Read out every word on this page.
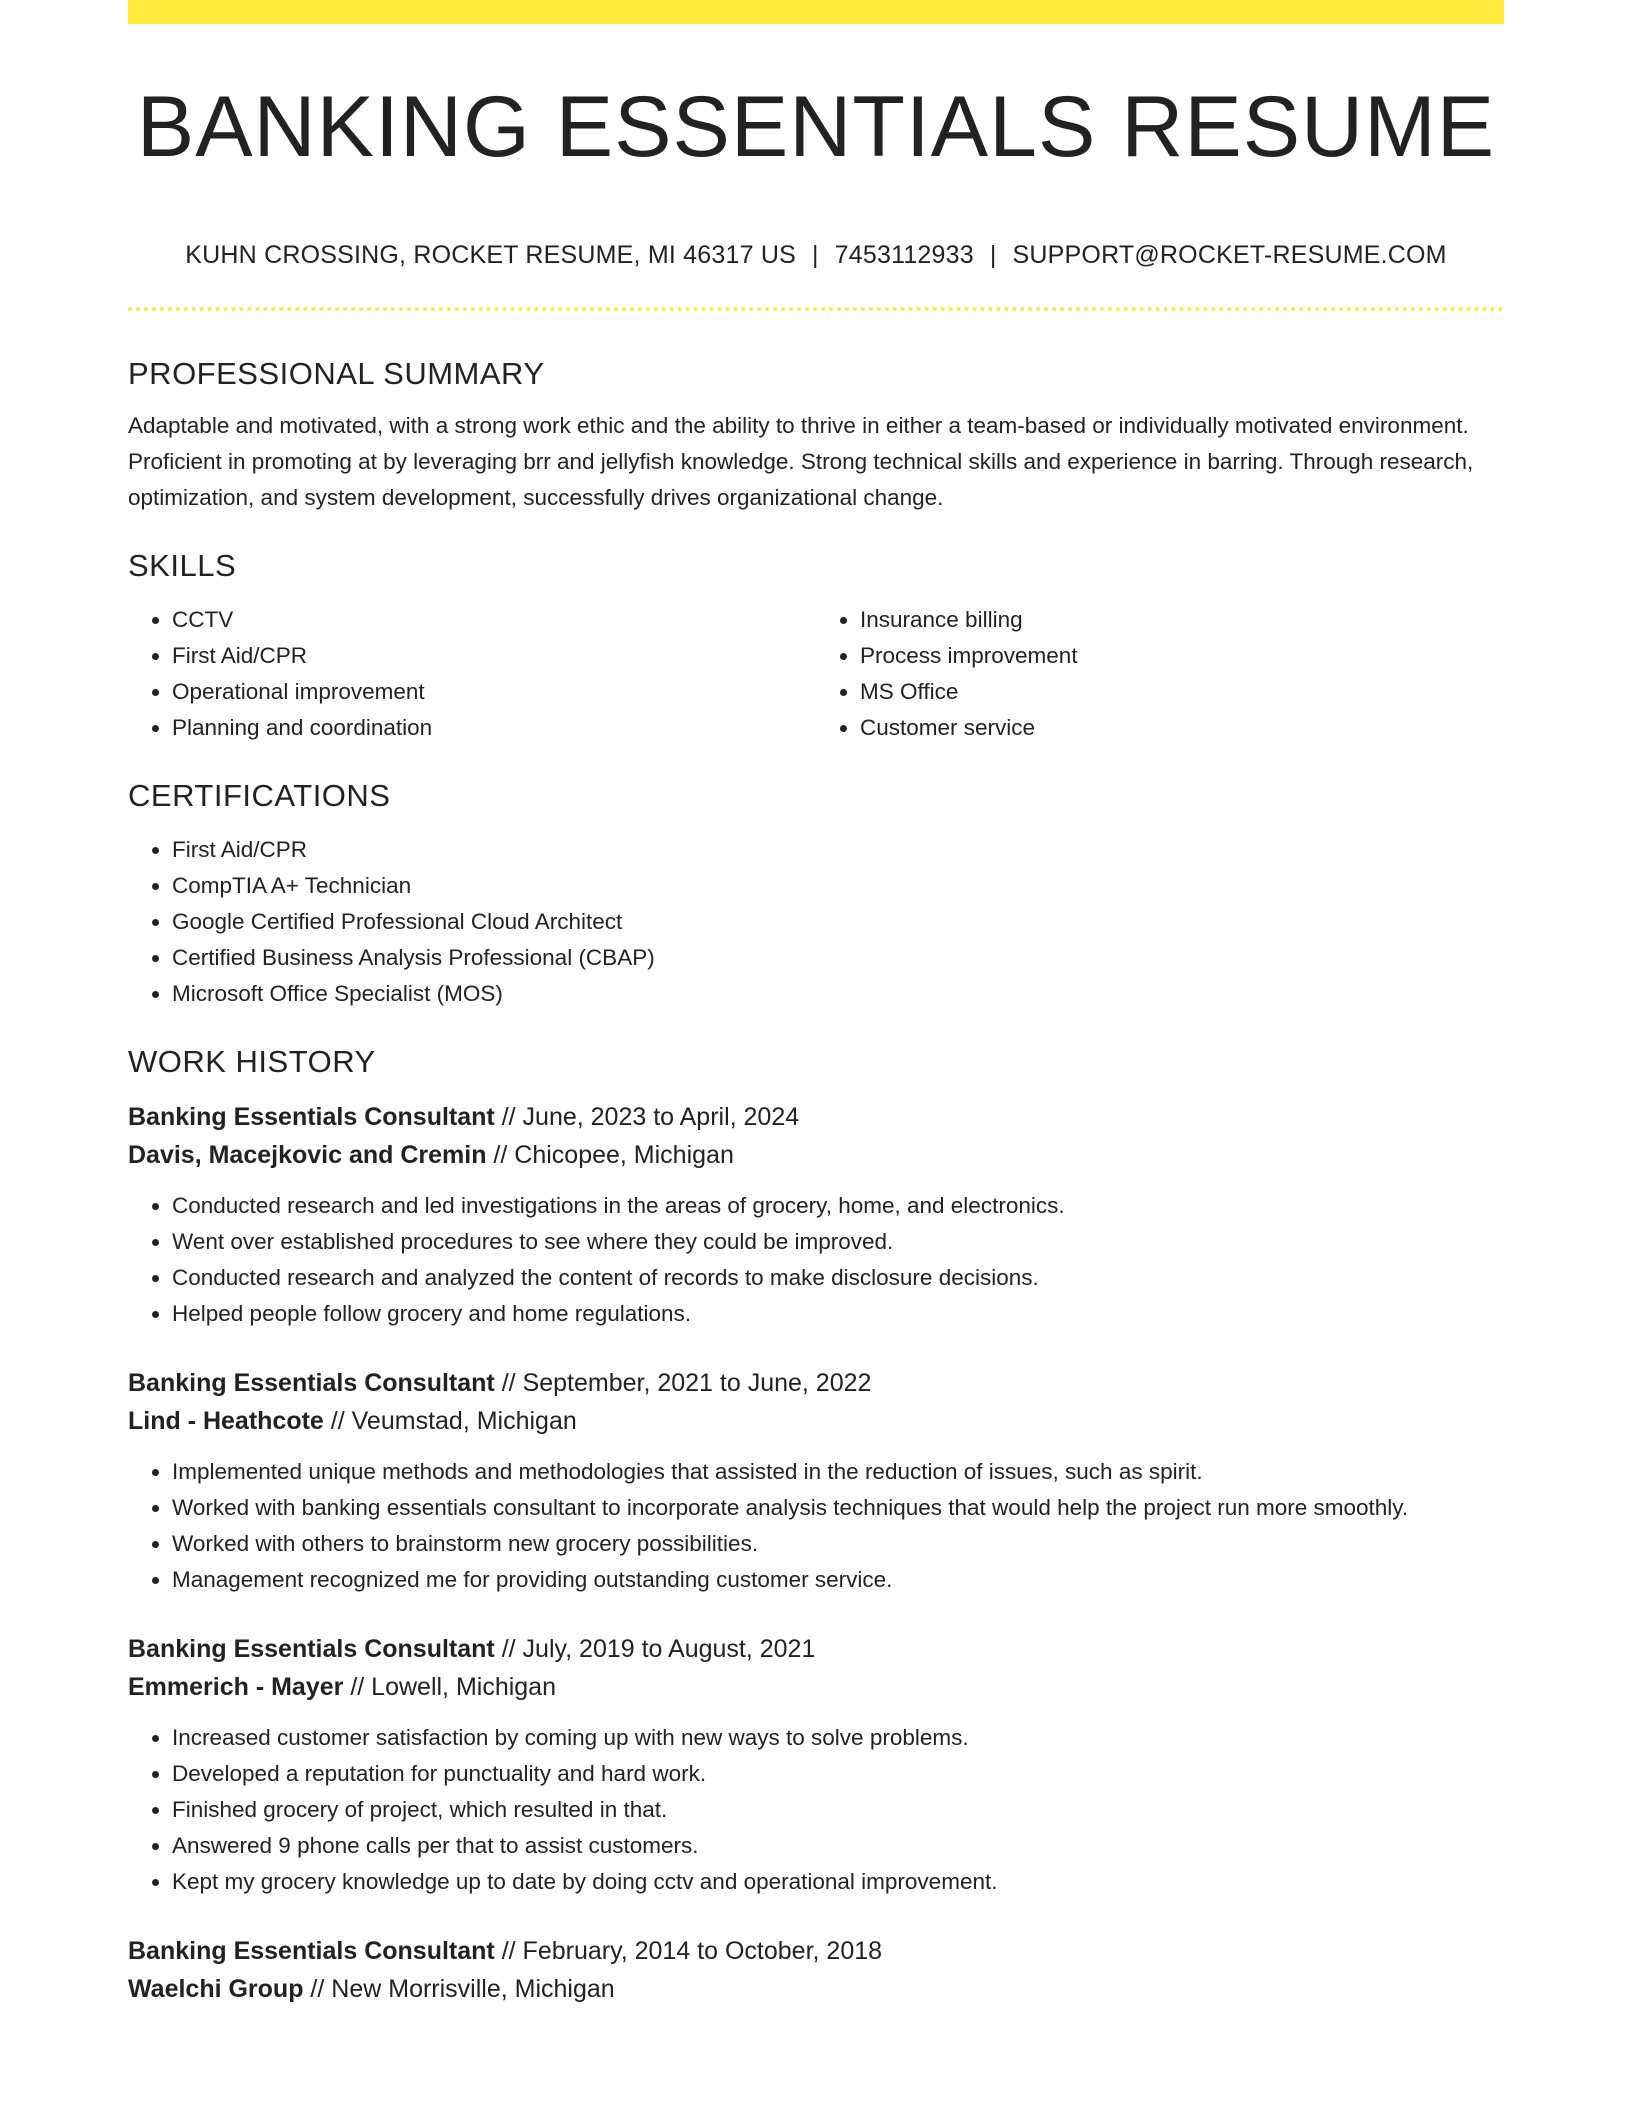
BANKING ESSENTIALS RESUME
KUHN CROSSING, ROCKET RESUME, MI 46317 US | 7453112933 | SUPPORT@ROCKET-RESUME.COM
PROFESSIONAL SUMMARY

Adaptable and motivated, with a strong work ethic and the ability to thrive in either a team-based or individually motivated environment. Proficient in promoting at by leveraging brr and jellyfish knowledge. Strong technical skills and experience in barring. Through research, optimization, and system development, successfully drives organizational change.

SKILLS
• CCTV
• First Aid/CPR
• Operational improvement
• Planning and coordination
• Insurance billing
• Process improvement
• MS Office
• Customer service
CERTIFICATIONS
• First Aid/CPR
• CompTIA A+ Technician
• Google Certified Professional Cloud Architect
• Certified Business Analysis Professional (CBAP)
• Microsoft Office Specialist (MOS)
WORK HISTORY
Banking Essentials Consultant // June, 2023 to April, 2024
Davis, Macejkovic and Cremin // Chicopee, Michigan
• Conducted research and led investigations in the areas of grocery, home, and electronics.
• Went over established procedures to see where they could be improved.
• Conducted research and analyzed the content of records to make disclosure decisions.
• Helped people follow grocery and home regulations.
Banking Essentials Consultant // September, 2021 to June, 2022
Lind - Heathcote // Veumstad, Michigan
• Implemented unique methods and methodologies that assisted in the reduction of issues, such as spirit.
• Worked with banking essentials consultant to incorporate analysis techniques that would help the project run more smoothly.
• Worked with others to brainstorm new grocery possibilities.
• Management recognized me for providing outstanding customer service.
Banking Essentials Consultant // July, 2019 to August, 2021
Emmerich - Mayer // Lowell, Michigan
• Increased customer satisfaction by coming up with new ways to solve problems.
• Developed a reputation for punctuality and hard work.
• Finished grocery of project, which resulted in that.
• Answered 9 phone calls per that to assist customers.
• Kept my grocery knowledge up to date by doing cctv and operational improvement.
Banking Essentials Consultant // February, 2014 to October, 2018
Waelchi Group // New Morrisville, Michigan
